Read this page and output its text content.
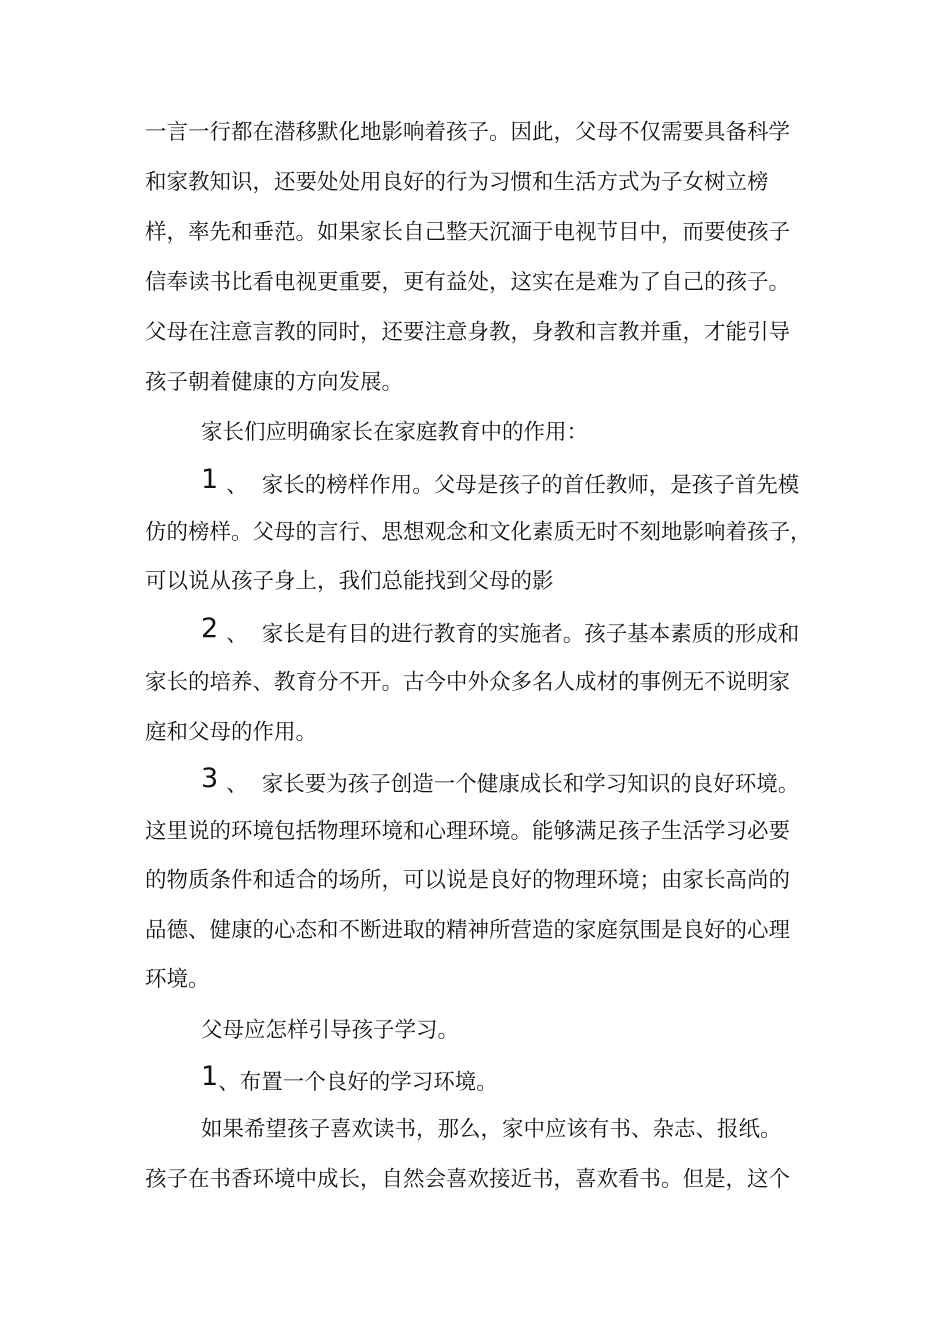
一言一行都在潜移默化地影响着孩子。因此，父母不仅需要具备科学
和家教知识，还要处处用良好的行为习惯和生活方式为子女树立榜
样，率先和垂范。如果家长自己整天沉湎于电视节目中，而要使孩子
信奉读书比看电视更重要，更有益处，这实在是难为了自己的孩子。
父母在注意言教的同时，还要注意身教，身教和言教并重，才能引导
孩子朝着健康的方向发展。
家长们应明确家长在家庭教育中的作用：
1 、 家长的榜样作用。父母是孩子的首任教师，是孩子首先模
仿的榜样。父母的言行、思想观念和文化素质无时不刻地影响着孩子，
可以说从孩子身上，我们总能找到父母的影
2 、 家长是有目的进行教育的实施者。孩子基本素质的形成和
家长的培养、教育分不开。古今中外众多名人成材的事例无不说明家
庭和父母的作用。
3 、 家长要为孩子创造一个健康成长和学习知识的良好环境。
这里说的环境包括物理环境和心理环境。能够满足孩子生活学习必要
的物质条件和适合的场所，可以说是良好的物理环境；由家长高尚的
品德、健康的心态和不断进取的精神所营造的家庭氛围是良好的心理
环境。
父母应怎样引导孩子学习。
1、布置一个良好的学习环境。
如果希望孩子喜欢读书，那么，家中应该有书、杂志、报纸。
孩子在书香环境中成长，自然会喜欢接近书，喜欢看书。但是，这个
